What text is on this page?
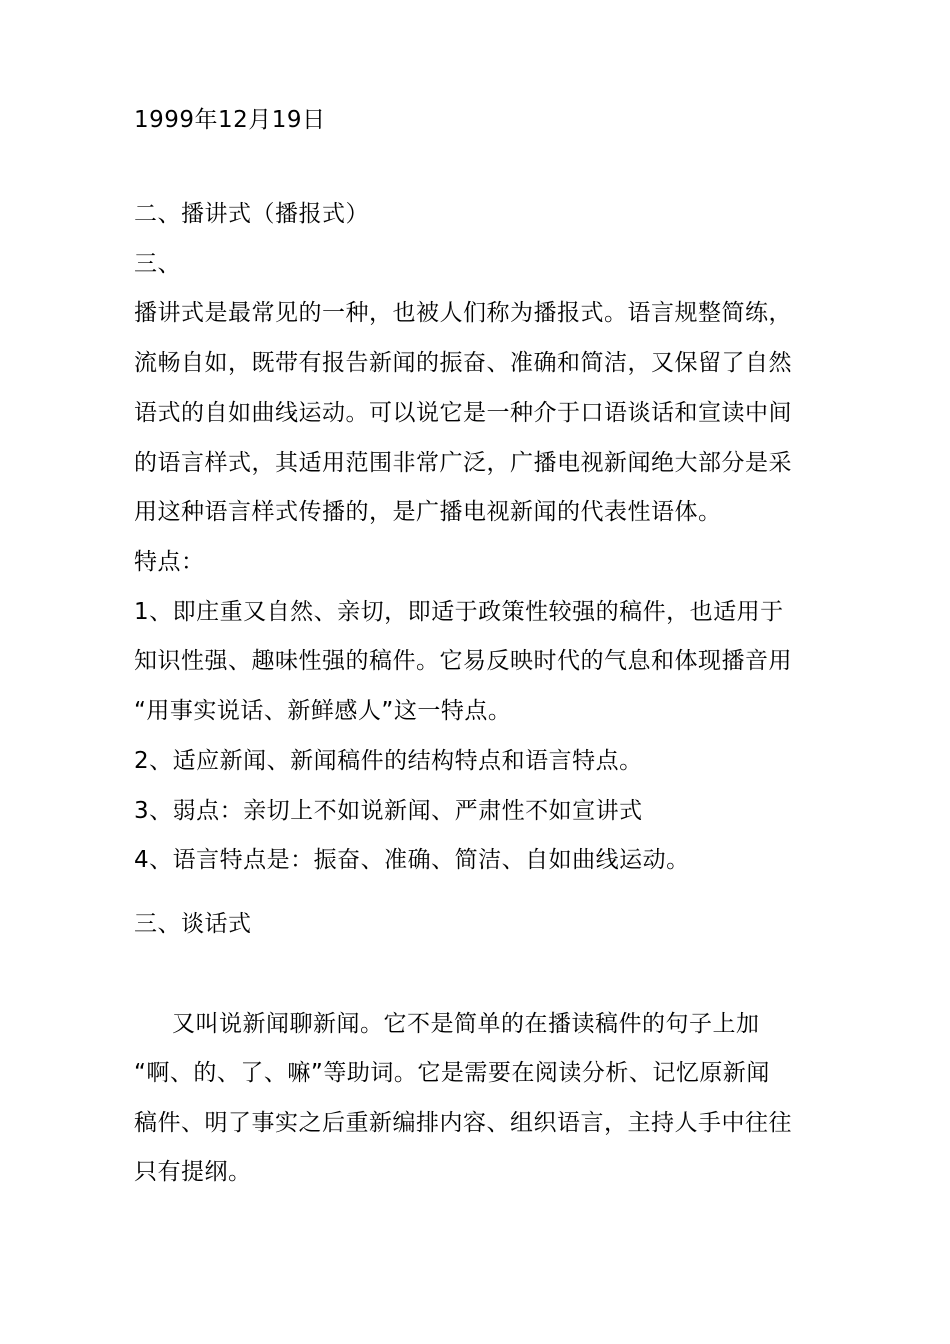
1999年12月19日
二、播讲式（播报式）
三、
播讲式是最常见的一种，也被人们称为播报式。语言规整简练，
流畅自如，既带有报告新闻的振奋、准确和简洁，又保留了自然
语式的自如曲线运动。可以说它是一种介于口语谈话和宣读中间
的语言样式，其适用范围非常广泛，广播电视新闻绝大部分是采
用这种语言样式传播的，是广播电视新闻的代表性语体。
特点：
1、即庄重又自然、亲切，即适于政策性较强的稿件，也适用于
知识性强、趣味性强的稿件。它易反映时代的气息和体现播音用
“用事实说话、新鲜感人”这一特点。
2、适应新闻、新闻稿件的结构特点和语言特点。
3、弱点：亲切上不如说新闻、严肃性不如宣讲式
4、语言特点是：振奋、准确、简洁、自如曲线运动。
三、谈话式
又叫说新闻聊新闻。它不是简单的在播读稿件的句子上加
“啊、的、了、嘛”等助词。它是需要在阅读分析、记忆原新闻
稿件、明了事实之后重新编排内容、组织语言，主持人手中往往
只有提纲。
